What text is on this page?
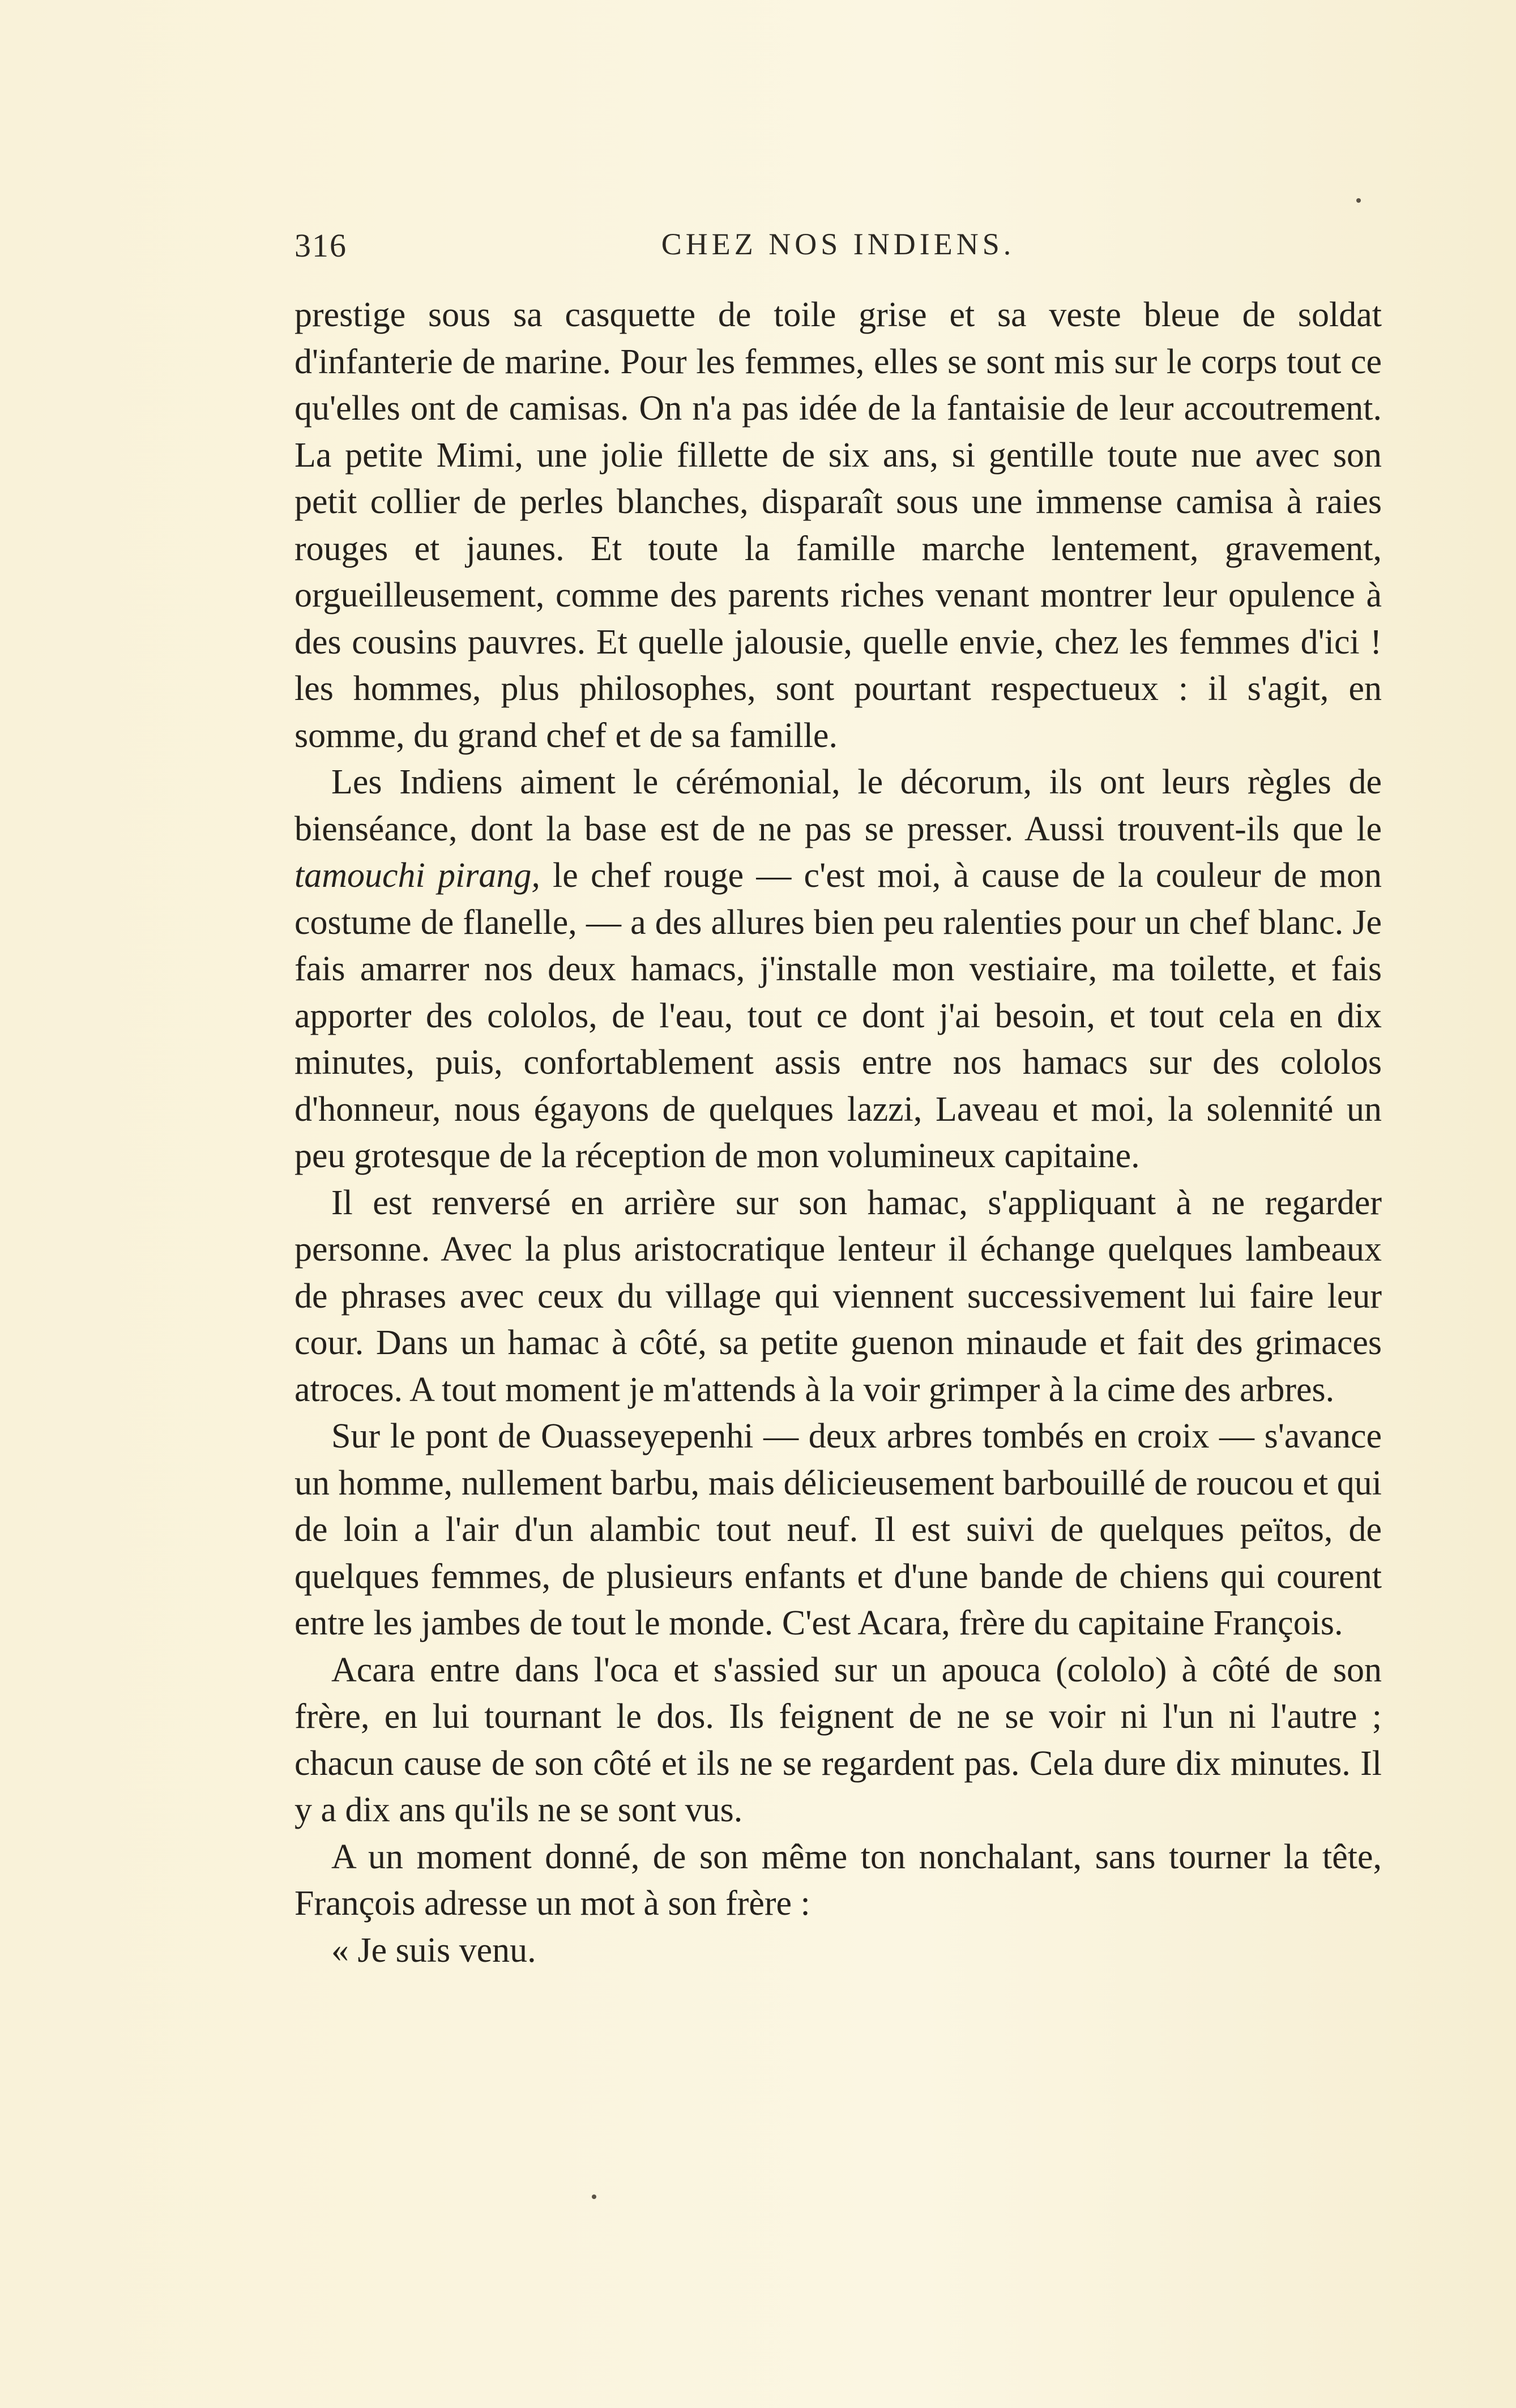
316	CHEZ NOS INDIENS.

prestige sous sa casquette de toile grise et sa veste bleue de soldat d'infanterie de marine. Pour les femmes, elles se sont mis sur le corps tout ce qu'elles ont de camisas. On n'a pas idée de la fantaisie de leur accoutrement. La petite Mimi, une jolie fillette de six ans, si gentille toute nue avec son petit collier de perles blanches, disparaît sous une immense camisa à raies rouges et jaunes. Et toute la famille marche lentement, gravement, orgueilleusement, comme des parents riches venant montrer leur opulence à des cousins pauvres. Et quelle jalousie, quelle envie, chez les femmes d'ici ! les hommes, plus philosophes, sont pourtant respectueux : il s'agit, en somme, du grand chef et de sa famille.

Les Indiens aiment le cérémonial, le décorum, ils ont leurs règles de bienséance, dont la base est de ne pas se presser. Aussi trouvent-ils que le tamouchi pirang, le chef rouge — c'est moi, à cause de la couleur de mon costume de flanelle, — a des allures bien peu ralenties pour un chef blanc. Je fais amarrer nos deux hamacs, j'installe mon vestiaire, ma toilette, et fais apporter des cololos, de l'eau, tout ce dont j'ai besoin, et tout cela en dix minutes, puis, confortablement assis entre nos hamacs sur des cololos d'honneur, nous égayons de quelques lazzi, Laveau et moi, la solennité un peu grotesque de la réception de mon volumineux capitaine.

Il est renversé en arrière sur son hamac, s'appliquant à ne regarder personne. Avec la plus aristocratique lenteur il échange quelques lambeaux de phrases avec ceux du village qui viennent successivement lui faire leur cour. Dans un hamac à côté, sa petite guenon minaude et fait des grimaces atroces. A tout moment je m'attends à la voir grimper à la cime des arbres.

Sur le pont de Ouasseyepenhi — deux arbres tombés en croix — s'avance un homme, nullement barbu, mais délicieusement barbouillé de roucou et qui de loin a l'air d'un alambic tout neuf. Il est suivi de quelques peïtos, de quelques femmes, de plusieurs enfants et d'une bande de chiens qui courent entre les jambes de tout le monde. C'est Acara, frère du capitaine François.

Acara entre dans l'oca et s'assied sur un apouca (cololo) à côté de son frère, en lui tournant le dos. Ils feignent de ne se voir ni l'un ni l'autre ; chacun cause de son côté et ils ne se regardent pas. Cela dure dix minutes. Il y a dix ans qu'ils ne se sont vus.

A un moment donné, de son même ton nonchalant, sans tourner la tête, François adresse un mot à son frère :

« Je suis venu.
